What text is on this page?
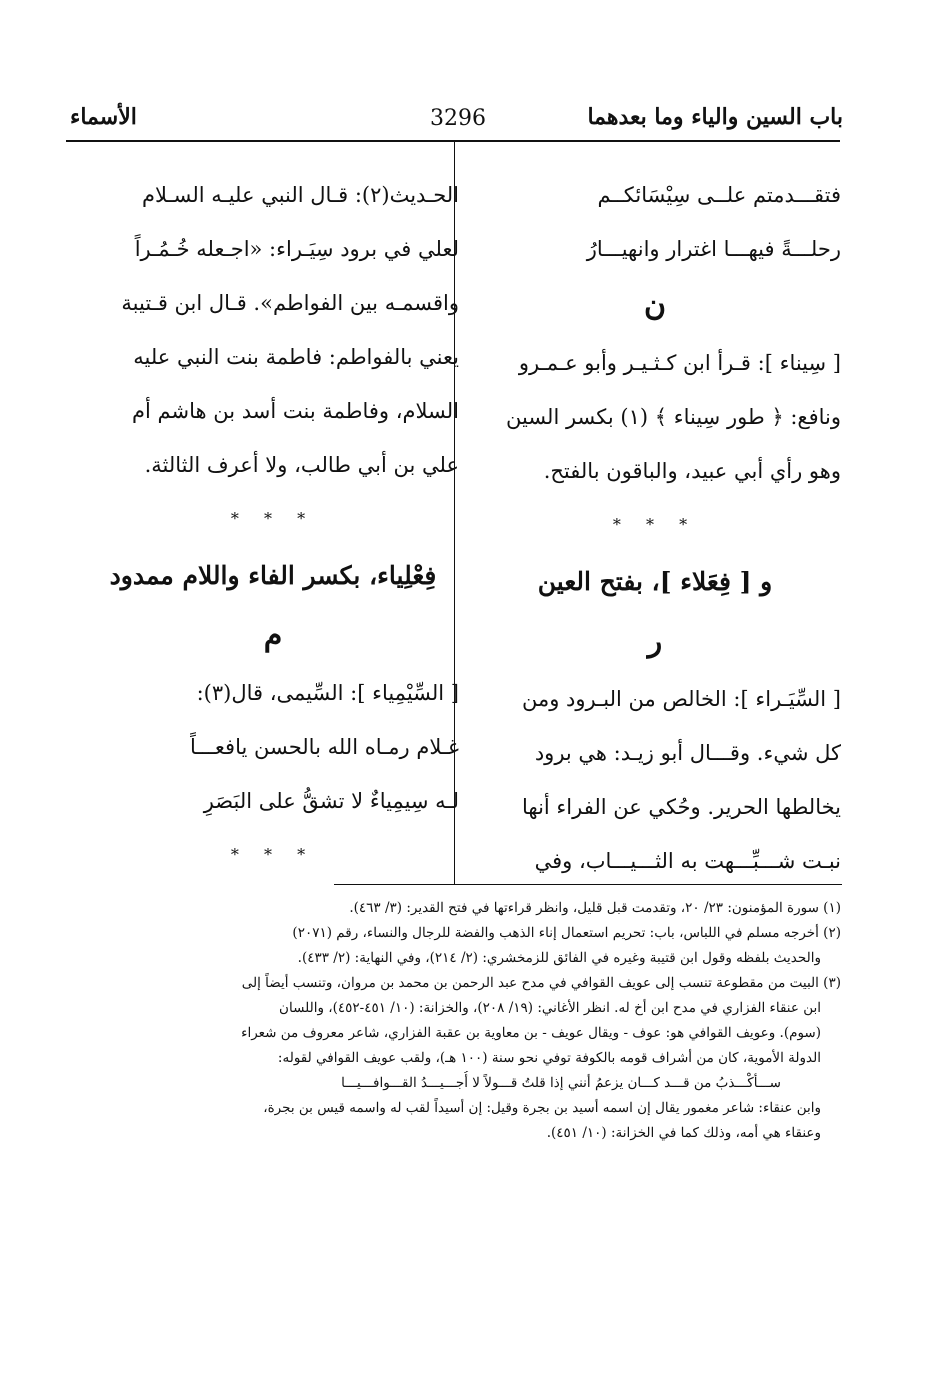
باب السين والياء وما بعدهما
3296
الأسماء
فتقـــدمتم علــى سِيْسَائكــم
رحلـــةً فيهـــا اغترار وانهيـــارُ
ن
[ سِيناء ]: قـرأ ابن كـثـيـر وأبو عـمـرو
ونافع: ﴿ طور سِيناء ﴾ (١) بكسر السين
وهو رأي أبي عبيد، والباقون بالفتح.
* * *
و [ فِعَلاء ]، بفتح العين
ر
[ السِّيَـراء ]: الخالص من البـرود ومن
كل شيء. وقـــال أبو زيـد: هي برود
يخالطها الحرير. وحُكي عن الفراء أنها
نبـت شـــبِّـــهت به الثـــيـــاب، وفي
الحـديث(٢): قـال النبي عليـه السـلام
لعلي في برود سِيَـراء: «اجـعله خُـمُـراً
واقسمـه بين الفواطم». قـال ابن قـتيبة
يعني بالفواطم: فاطمة بنت النبي عليه
السلام، وفاطمة بنت أسد بن هاشم أم
علي بن أبي طالب، ولا أعرف الثالثة.
* * *
فِعْلِياء، بكسر الفاء واللام ممدود
م
[ السِّيْمِياء ]: السِّيمى، قال(٣):
غـلام رمـاه الله بالحسن يافعـــاً
لـه سِيمِياءٌ لا تشقُّ على البَصَرِ
* * *
(١) سورة المؤمنون: ٢٣/ ٢٠، وتقدمت قبل قليل، وانظر قراءتها في فتح القدير: (٣/ ٤٦٣).
(٢) أخرجه مسلم في اللباس، باب: تحريم استعمال إناء الذهب والفضة للرجال والنساء، رقم (٢٠٧١)
والحديث بلفظه وقول ابن قتيبة وغيره في الفائق للزمخشري: (٢/ ٢١٤)، وفي النهاية: (٢/ ٤٣٣).
(٣) البيت من مقطوعة تنسب إلى عويف القوافي في مدح عبد الرحمن بن محمد بن مروان، وتنسب أيضاً إلى
ابن عنقاء الفزاري في مدح ابن أخ له. انظر الأغاني: (١٩/ ٢٠٨)، والخزانة: (١٠/ ٤٥١-٤٥٢)، واللسان
(سوم). وعويف القوافي هو: عوف - ويقال عويف - بن معاوية بن عقبة الفزاري، شاعر معروف من شعراء
الدولة الأموية، كان من أشراف قومه بالكوفة توفي نحو سنة (١٠٠ هـ)، ولقب عويف القوافي لقوله:
ســـأكْـــذبُ من قـــد كـــان يزعمُ أنني إذا قلتُ قـــولاً لا أُجـــيـــدُ القـــوافـــيـــا
وابن عنقاء: شاعر مغمور يقال إن اسمه أسيد بن بجرة وقيل: إن أسيداً لقب له واسمه قيس بن بجرة،
وعنقاء هي أمه، وذلك كما في الخزانة: (١٠/ ٤٥١).
